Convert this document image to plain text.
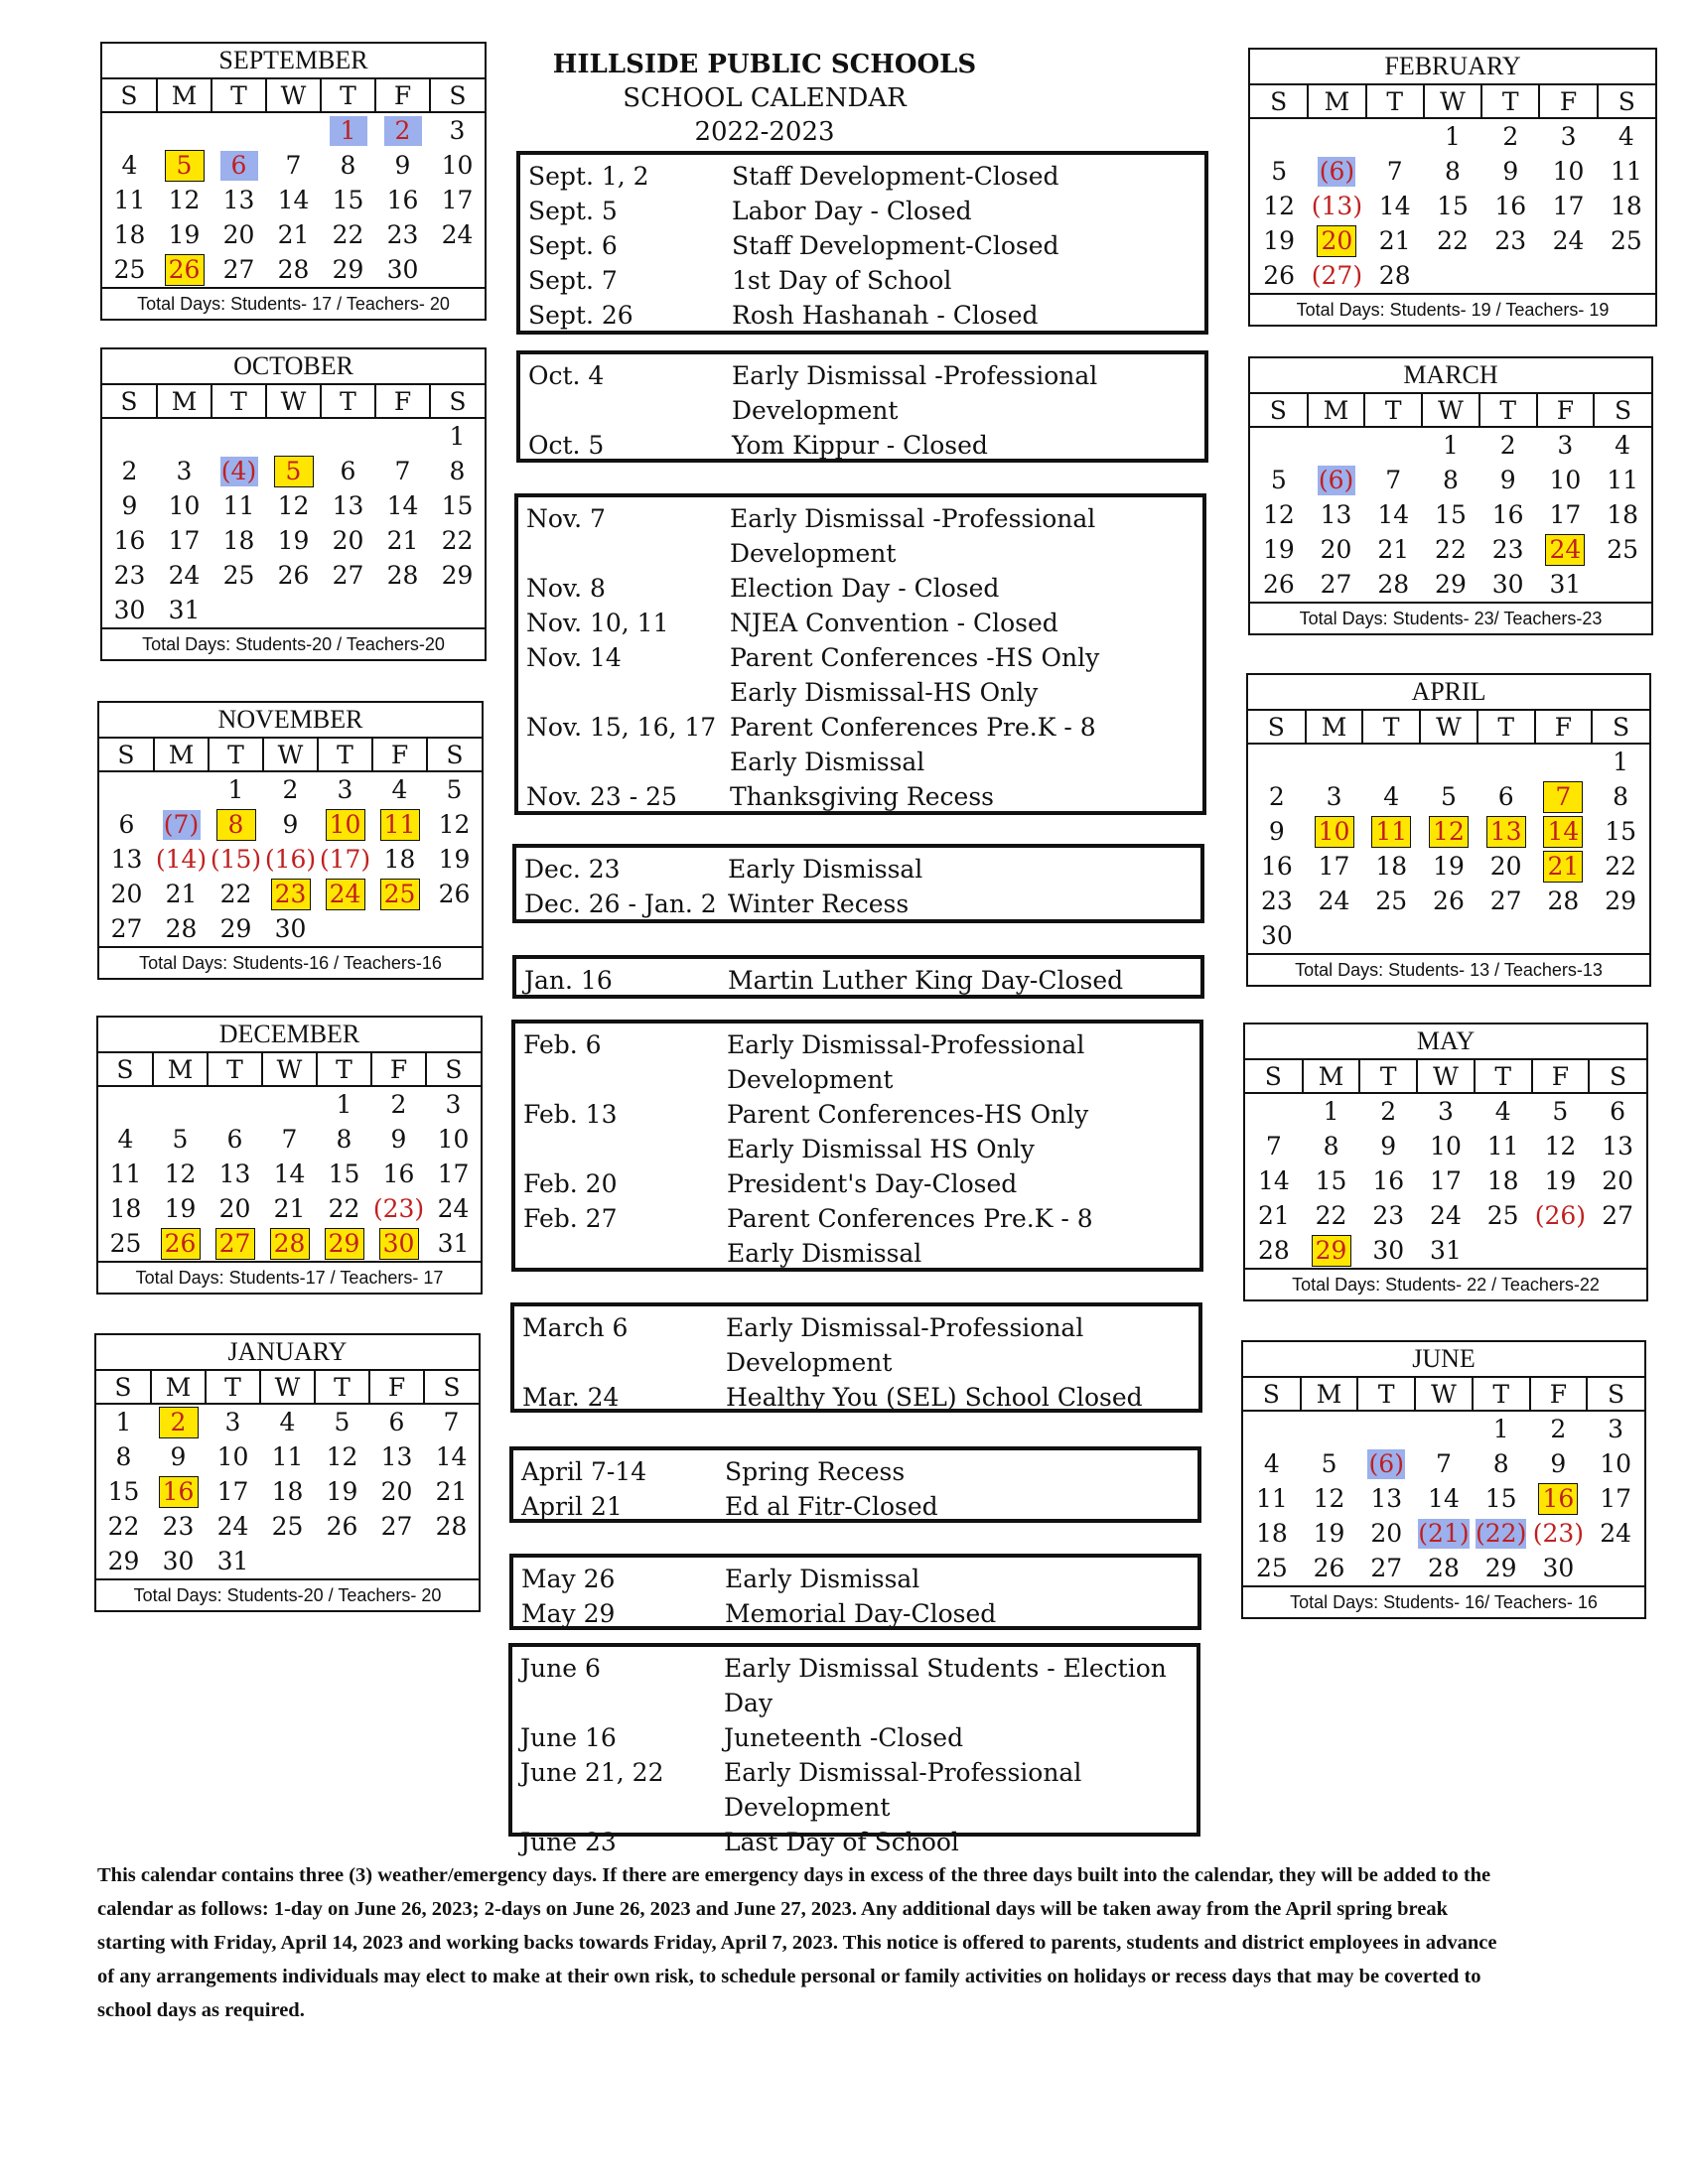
HILLSIDE PUBLIC SCHOOLS
SCHOOL CALENDAR
2022-2023
SEPTEMBER
S	M	T	W	T	F	S
				1	2	3
4	5	6	7	8	9	10
11	12	13	14	15	16	17
18	19	20	21	22	23	24
25	26	27	28	29	30	
Total Days: Students- 17 / Teachers- 20
OCTOBER
S	M	T	W	T	F	S
						1
2	3	(4)	5	6	7	8
9	10	11	12	13	14	15
16	17	18	19	20	21	22
23	24	25	26	27	28	29
30	31					
Total Days: Students-20 / Teachers-20
NOVEMBER
S	M	T	W	T	F	S
		1	2	3	4	5
6	(7)	8	9	10	11	12
13	(14)	(15)	(16)	(17)	18	19
20	21	22	23	24	25	26
27	28	29	30			
Total Days: Students-16 / Teachers-16
DECEMBER
S	M	T	W	T	F	S
				1	2	3
4	5	6	7	8	9	10
11	12	13	14	15	16	17
18	19	20	21	22	(23)	24
25	26	27	28	29	30	31
Total Days: Students-17 / Teachers- 17
JANUARY
S	M	T	W	T	F	S
1	2	3	4	5	6	7
8	9	10	11	12	13	14
15	16	17	18	19	20	21
22	23	24	25	26	27	28
29	30	31				
Total Days: Students-20 / Teachers- 20
FEBRUARY
S	M	T	W	T	F	S
			1	2	3	4
5	(6)	7	8	9	10	11
12	(13)	14	15	16	17	18
19	20	21	22	23	24	25
26	(27)	28				
Total Days: Students- 19 / Teachers- 19
MARCH
S	M	T	W	T	F	S
			1	2	3	4
5	(6)	7	8	9	10	11
12	13	14	15	16	17	18
19	20	21	22	23	24	25
26	27	28	29	30	31	
Total Days: Students- 23/ Teachers-23
APRIL
S	M	T	W	T	F	S
						1
2	3	4	5	6	7	8
9	10	11	12	13	14	15
16	17	18	19	20	21	22
23	24	25	26	27	28	29
30						
Total Days: Students- 13 / Teachers-13
MAY
S	M	T	W	T	F	S
	1	2	3	4	5	6
7	8	9	10	11	12	13
14	15	16	17	18	19	20
21	22	23	24	25	(26)	27
28	29	30	31			
Total Days: Students- 22 / Teachers-22
JUNE
S	M	T	W	T	F	S
				1	2	3
4	5	(6)	7	8	9	10
11	12	13	14	15	16	17
18	19	20	(21)	(22)	(23)	24
25	26	27	28	29	30	
Total Days: Students- 16/ Teachers- 16
Sept. 1, 2	Staff Development-Closed
Sept. 5	Labor Day - Closed
Sept. 6	Staff Development-Closed
Sept. 7	1st Day of School
Sept. 26	Rosh Hashanah - Closed
Oct. 4	Early Dismissal -Professional
Development
Oct. 5	Yom Kippur - Closed
Nov. 7	Early Dismissal -Professional
Development
Nov. 8	Election Day - Closed
Nov. 10, 11	NJEA Convention - Closed
Nov. 14	Parent Conferences -HS Only
Early Dismissal-HS Only
Nov. 15, 16, 17 Parent Conferences Pre.K - 8
Early Dismissal
Nov. 23 - 25	Thanksgiving Recess
Dec. 23	Early Dismissal
Dec. 26 - Jan. 2 Winter Recess
Jan. 16	Martin Luther King Day-Closed
Feb. 6	Early Dismissal-Professional
Development
Feb. 13	Parent Conferences-HS Only
Early Dismissal HS Only
Feb. 20	President's Day-Closed
Feb. 27	Parent Conferences Pre.K - 8
Early Dismissal
March 6	Early Dismissal-Professional
Development
Mar. 24	Healthy You (SEL) School Closed
April 7-14	Spring Recess
April 21	Ed al Fitr-Closed
May 26	Early Dismissal
May 29	Memorial Day-Closed
June 6	Early Dismissal Students - Election Day
June 16	Juneteenth -Closed
June 21, 22	Early Dismissal-Professional
Development
June 23	Last Day of School
This calendar contains three (3) weather/emergency days. If there are emergency days in excess of the three days built into the calendar, they will be added to the calendar as follows: 1-day on June 26, 2023; 2-days on June 26, 2023 and June 27, 2023. Any additional days will be taken away from the April spring break starting with Friday, April 14, 2023 and working backs towards Friday, April 7, 2023. This notice is offered to parents, students and district employees in advance of any arrangements individuals may elect to make at their own risk, to schedule personal or family activities on holidays or recess days that may be coverted to school days as required.
